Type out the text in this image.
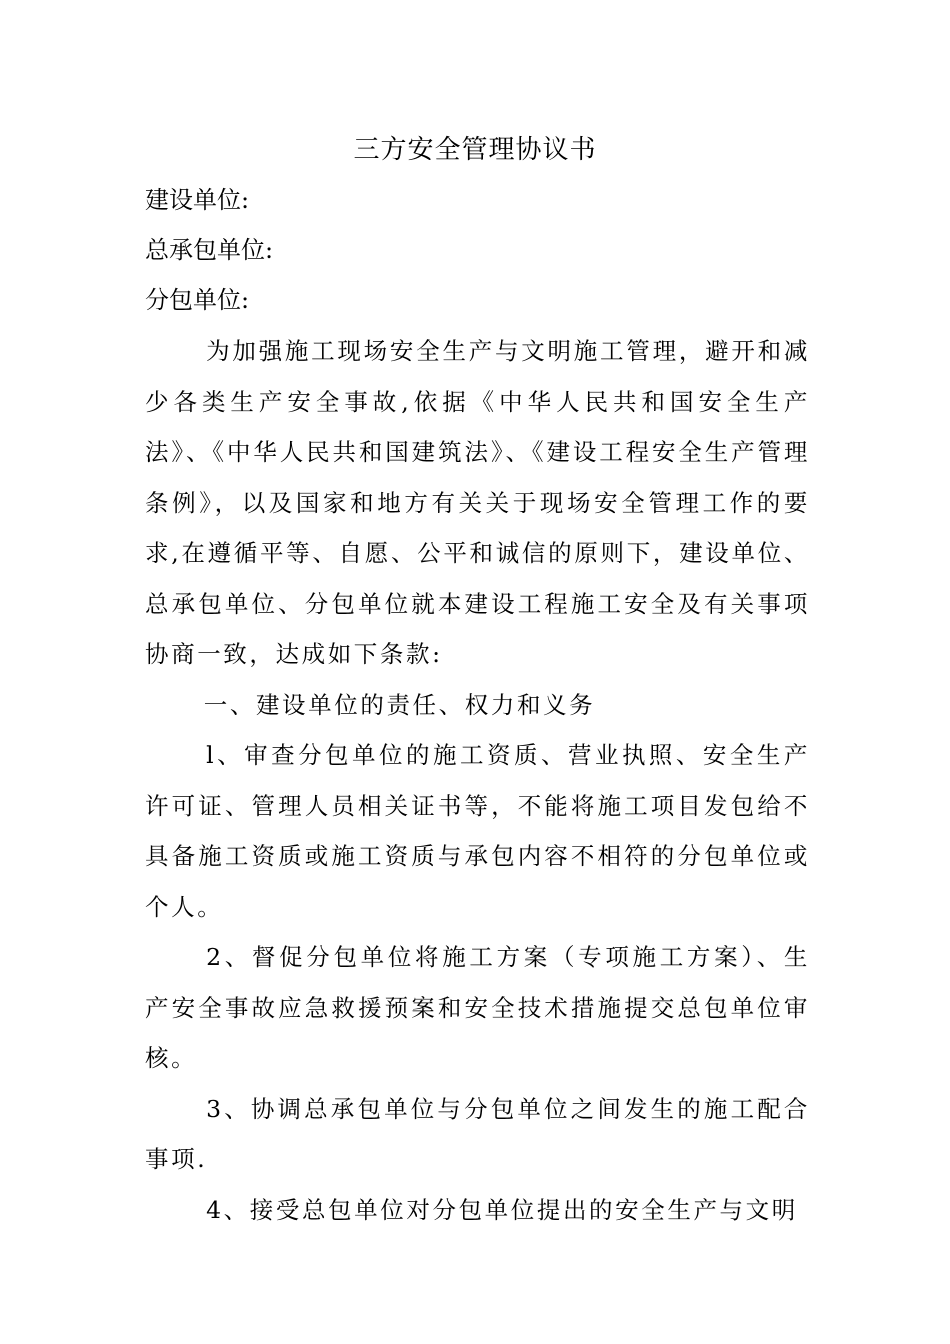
三方安全管理协议书
建设单位:
总承包单位:
分包单位:

为加强施工现场安全生产与文明施工管理，避开和减少各类生产安全事故,依据《中华人民共和国安全生产法》、《中华人民共和国建筑法》、《建设工程安全生产管理条例》，以及国家和地方有关关于现场安全管理工作的要求,在遵循平等、自愿、公平和诚信的原则下，建设单位、总承包单位、分包单位就本建设工程施工安全及有关事项协商一致，达成如下条款:

一、建设单位的责任、权力和义务

l、审查分包单位的施工资质、营业执照、安全生产许可证、管理人员相关证书等，不能将施工项目发包给不具备施工资质或施工资质与承包内容不相符的分包单位或个人。

2、督促分包单位将施工方案（专项施工方案）、生产安全事故应急救援预案和安全技术措施提交总包单位审核。

3、协调总承包单位与分包单位之间发生的施工配合事项.

4、接受总包单位对分包单位提出的安全生产与文明
